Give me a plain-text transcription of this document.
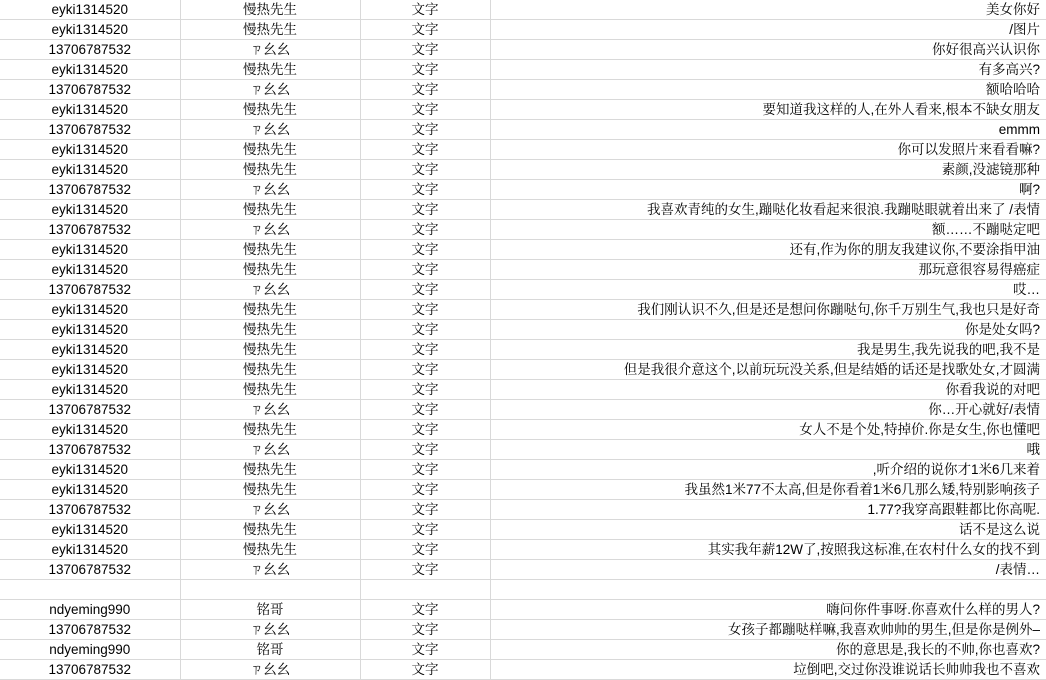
eyki1314520	慢热先生	文字	美女你好
eyki1314520	慢热先生	文字	/图片
13706787532	ㄗ幺幺	文字	你好很高兴认识你
eyki1314520	慢热先生	文字	有多高兴?
13706787532	ㄗ幺幺	文字	额哈哈哈
eyki1314520	慢热先生	文字	要知道我这样的人,在外人看来,根本不缺女朋友
13706787532	ㄗ幺幺	文字	emmm
eyki1314520	慢热先生	文字	你可以发照片来看看嘛?
eyki1314520	慢热先生	文字	素颜,没滤镜那种
13706787532	ㄗ幺幺	文字	啊?
eyki1314520	慢热先生	文字	我喜欢青纯的女生,蹦哒化妆看起来很浪.我蹦哒眼就着出来了 /表情
13706787532	ㄗ幺幺	文字	额……不蹦哒定吧
eyki1314520	慢热先生	文字	还有,作为你的朋友我建议你,不要涂指甲油
eyki1314520	慢热先生	文字	那玩意很容易得癌症
13706787532	ㄗ幺幺	文字	哎…
eyki1314520	慢热先生	文字	我们刚认识不久,但是还是想问你蹦哒句,你千万别生气,我也只是好奇
eyki1314520	慢热先生	文字	你是处女吗?
eyki1314520	慢热先生	文字	我是男生,我先说我的吧,我不是
eyki1314520	慢热先生	文字	但是我很介意这个,以前玩玩没关系,但是结婚的话还是找歌处女,才圆满
eyki1314520	慢热先生	文字	你看我说的对吧
13706787532	ㄗ幺幺	文字	你…开心就好/表情
eyki1314520	慢热先生	文字	女人不是个处,特掉价.你是女生,你也懂吧
13706787532	ㄗ幺幺	文字	哦
eyki1314520	慢热先生	文字	,听介绍的说你才1米6几来着
eyki1314520	慢热先生	文字	我虽然1米77不太高,但是你看着1米6几那么矮,特别影响孩子
13706787532	ㄗ幺幺	文字	1.77?我穿高跟鞋都比你高呢.
eyki1314520	慢热先生	文字	话不是这么说
eyki1314520	慢热先生	文字	其实我年薪12W了,按照我这标准,在农村什么女的找不到
13706787532	ㄗ幺幺	文字	/表情…

ndyeming990	铭哥	文字	嗨问你件事呀.你喜欢什么样的男人?
13706787532	ㄗ幺幺	文字	女孩子都蹦哒样嘛,我喜欢帅帅的男生,但是你是例外–
ndyeming990	铭哥	文字	你的意思是,我长的不帅,你也喜欢?
13706787532	ㄗ幺幺	文字	垃倒吧,交过你没谁说话长帅帅我也不喜欢
